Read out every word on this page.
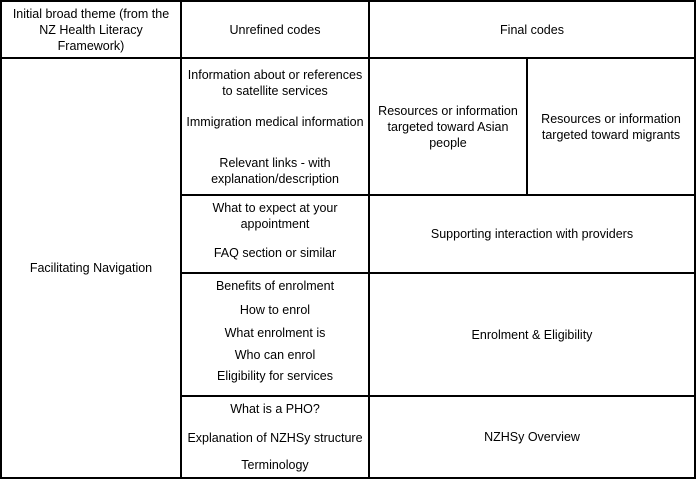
Initial broad theme (from the NZ Health Literacy Framework)
Unrefined codes	Final codes
Facilitating Navigation
Information about or references to satellite services
Immigration medical information
Relevant links - with explanation/description
Resources or information targeted toward Asian people
Resources or information targeted toward migrants
What to expect at your appointment
FAQ section or similar
Supporting interaction with providers
Benefits of enrolment
How to enrol
What enrolment is
Who can enrol
Eligibility for services
Enrolment & Eligibility
What is a PHO?
Explanation of NZHSy structure
Terminology
NZHSy Overview
